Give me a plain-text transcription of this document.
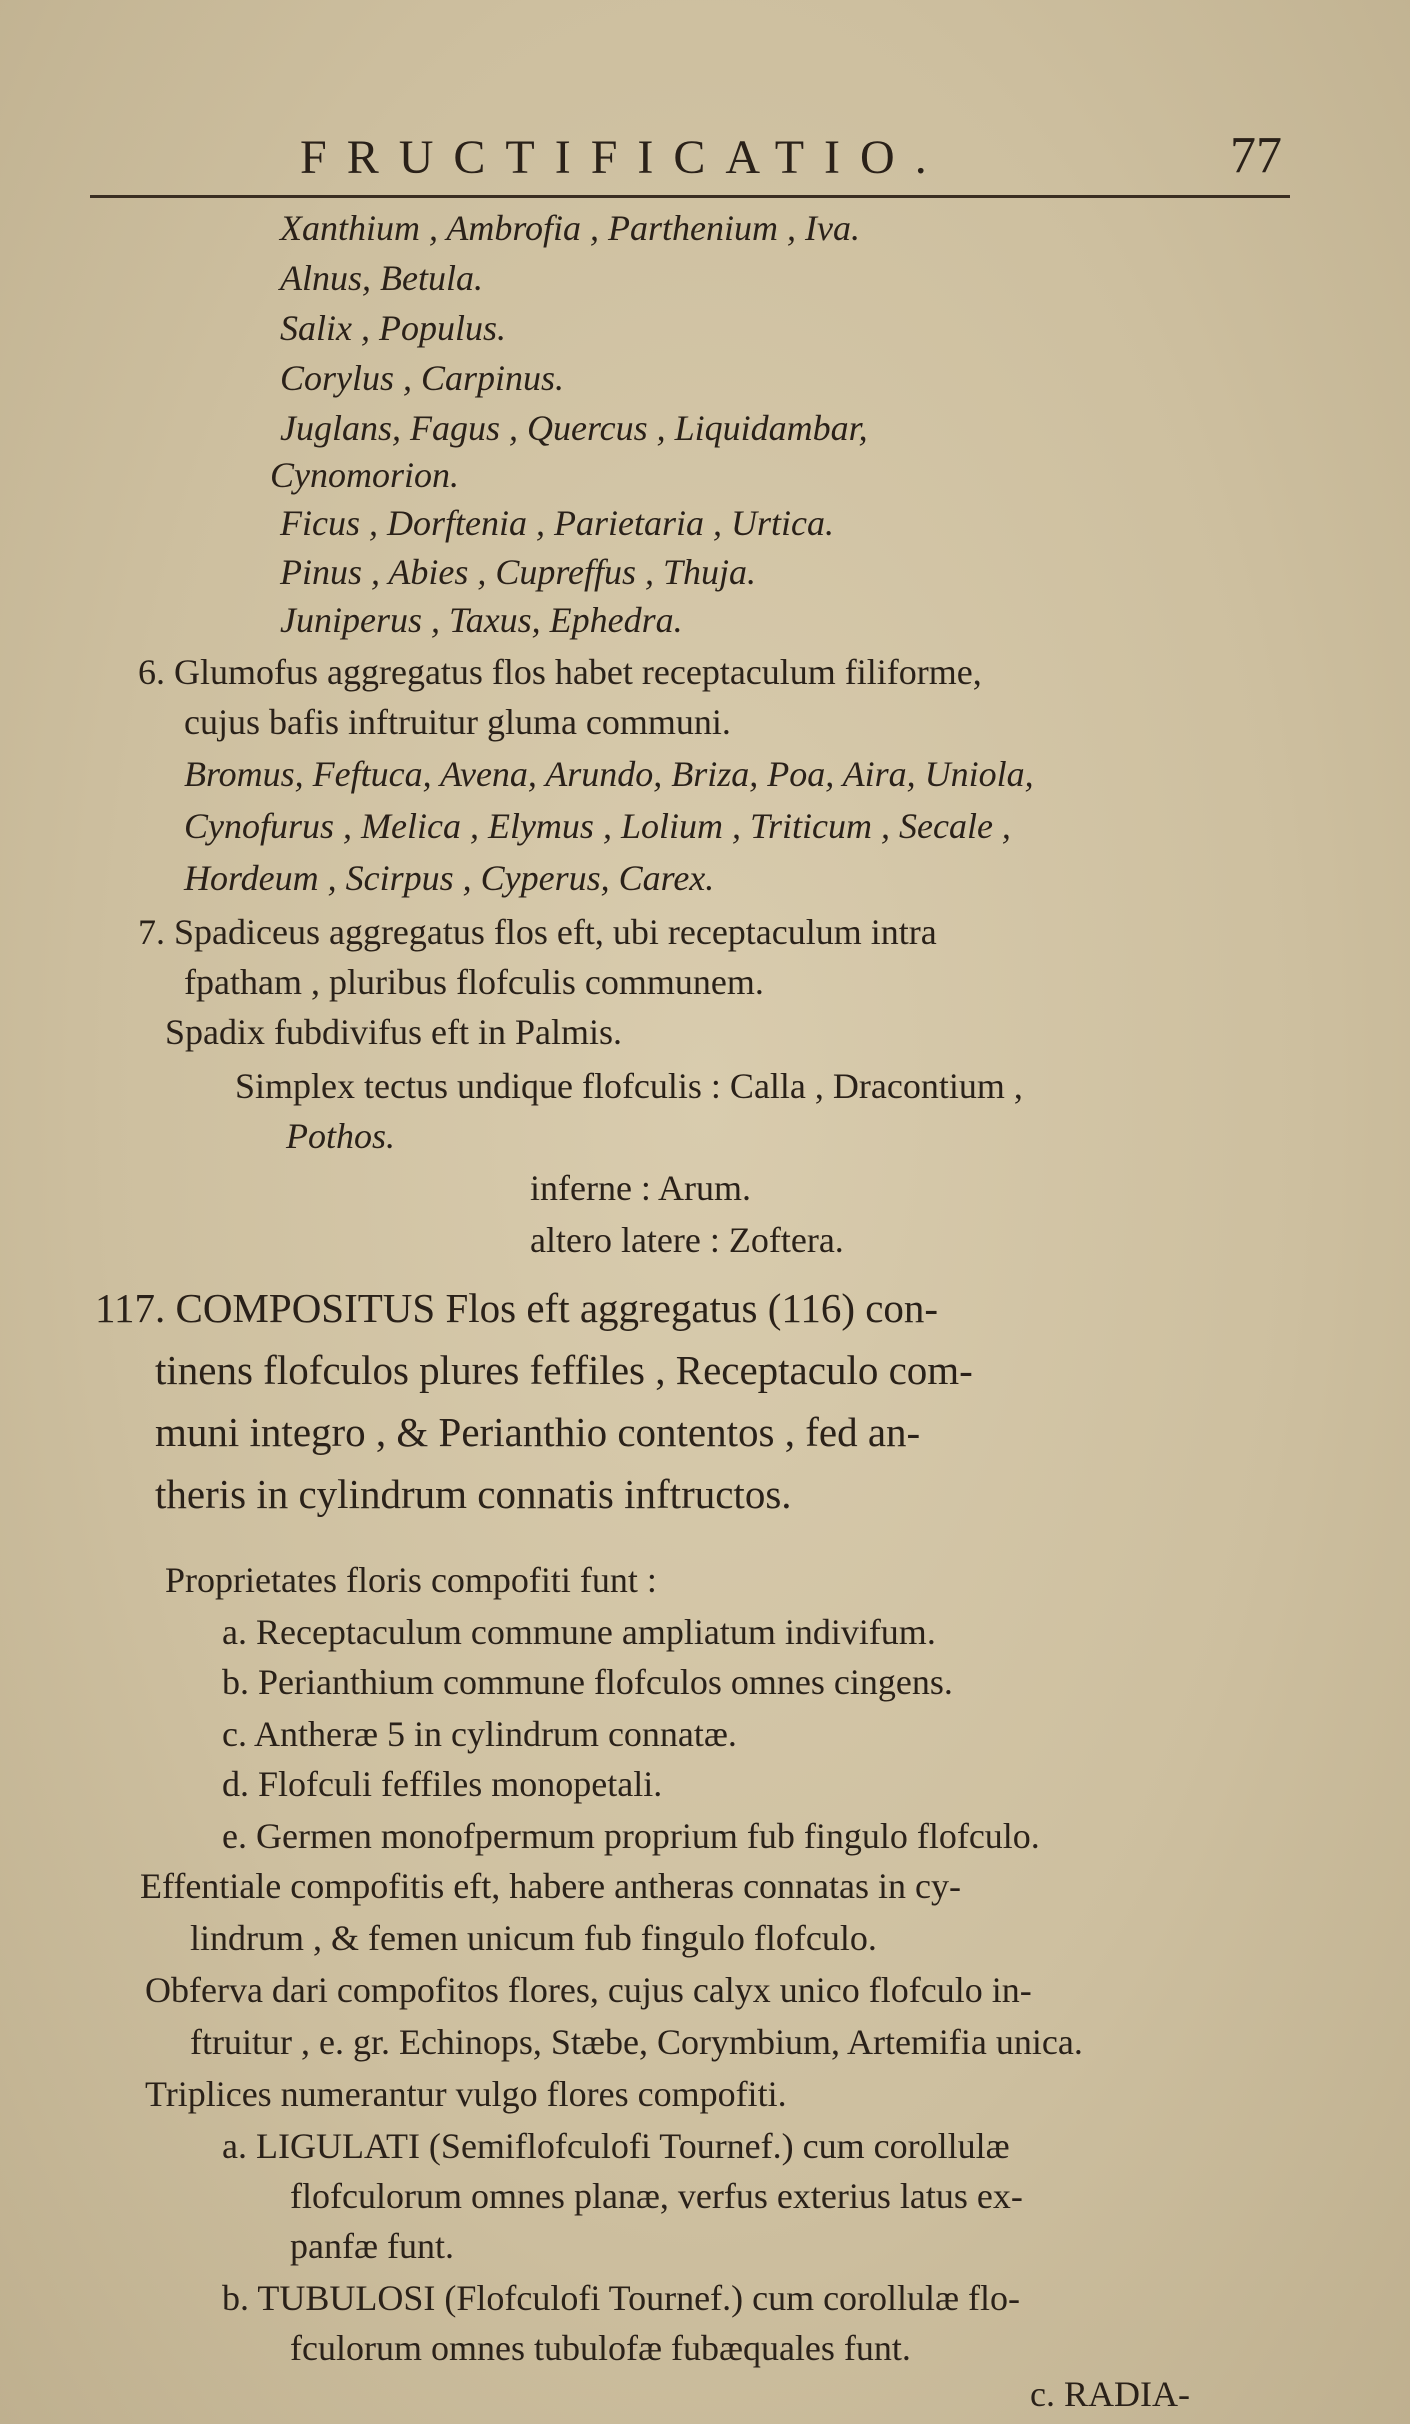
FRUCTIFICATIO.	77
Xanthium , Ambrofia , Parthenium , Iva.
Alnus, Betula.
Salix , Populus.
Corylus , Carpinus.
Juglans, Fagus , Quercus , Liquidambar,
Cynomorion.
Ficus , Dorftenia , Parietaria , Urtica.
Pinus , Abies , Cupreffus , Thuja.
Juniperus , Taxus, Ephedra.
6. Glumofus aggregatus flos habet receptaculum filiforme,
cujus bafis inftruitur gluma communi.
Bromus, Feftuca, Avena, Arundo, Briza, Poa, Aira, Uniola,
Cynofurus , Melica , Elymus , Lolium , Triticum , Secale ,
Hordeum , Scirpus , Cyperus, Carex.
7. Spadiceus aggregatus flos eft, ubi receptaculum intra
fpatham , pluribus flofculis communem.
Spadix fubdivifus eft in Palmis.
Simplex tectus undique flofculis : Calla , Dracontium ,
Pothos.
inferne : Arum.
altero latere : Zoftera.
117. COMPOSITUS Flos eft aggregatus (116) con-
tinens flofculos plures feffiles , Receptaculo com-
muni integro , & Perianthio contentos , fed an-
theris in cylindrum connatis inftructos.
Proprietates floris compofiti funt :
a. Receptaculum commune ampliatum indivifum.
b. Perianthium commune flofculos omnes cingens.
c. Antheræ 5 in cylindrum connatæ.
d. Flofculi feffiles monopetali.
e. Germen monofpermum proprium fub fingulo flofculo.
Effentiale compofitis eft, habere antheras connatas in cy-
lindrum , & femen unicum fub fingulo flofculo.
Obferva dari compofitos flores, cujus calyx unico flofculo in-
ftruitur , e. gr. Echinops, Stæbe, Corymbium, Artemifia unica.
Triplices numerantur vulgo flores compofiti.
a. LIGULATI (Semiflofculofi Tournef.) cum corollulæ
flofculorum omnes planæ, verfus exterius latus ex-
panfæ funt.
b. TUBULOSI (Flofculofi Tournef.) cum corollulæ flo-
fculorum omnes tubulofæ fubæquales funt.
c. RADIA-
